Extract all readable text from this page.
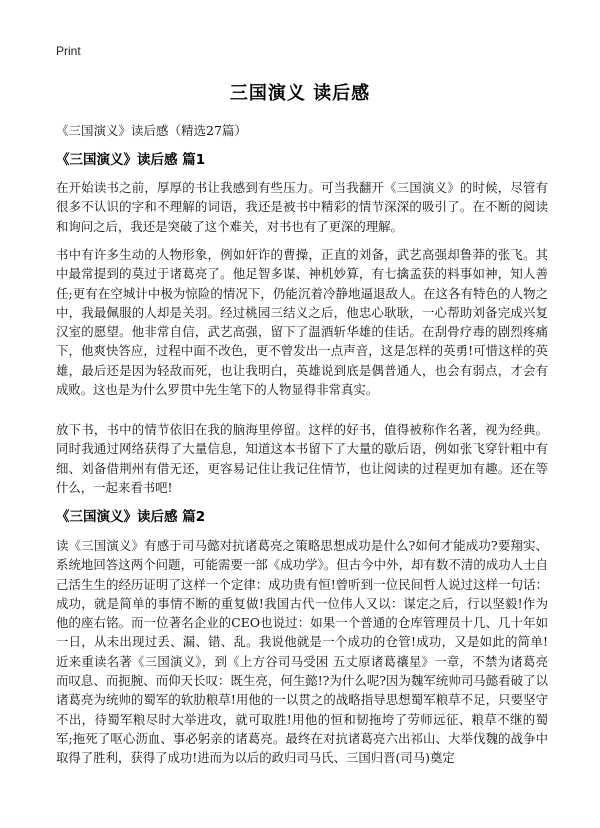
Print
三国演义 读后感
《三国演义》读后感（精选27篇）
《三国演义》读后感 篇1

在开始读书之前，厚厚的书让我感到有些压力。可当我翻开《三国演义》的时候，尽管有很多不认识的字和不理解的词语，我还是被书中精彩的情节深深的吸引了。在不断的阅读和询问之后，我还是突破了这个难关，对书也有了更深的理解。

书中有许多生动的人物形象，例如奸诈的曹操，正直的刘备，武艺高强却鲁莽的张飞。其中最常提到的莫过于诸葛亮了。他足智多谋、神机妙算，有七擒孟获的料事如神，知人善任;更有在空城计中极为惊险的情况下，仍能沉着冷静地逼退敌人。在这各有特色的人物之中，我最佩服的人却是关羽。经过桃园三结义之后，他忠心耿耿，一心帮助刘备完成兴复汉室的愿望。他非常自信，武艺高强，留下了温酒斩华雄的佳话。在刮骨疗毒的剧烈疼痛下，他爽快答应，过程中面不改色，更不曾发出一点声音，这是怎样的英勇!可惜这样的英雄，最后还是因为轻敌而死，也让我明白，英雄说到底是偶普通人，也会有弱点，才会有成败。这也是为什么罗贯中先生笔下的人物显得非常真实。

放下书，书中的情节依旧在我的脑海里停留。这样的好书，值得被称作名著，视为经典。同时我通过网络获得了大量信息，知道这本书留下了大量的歇后语，例如张飞穿针粗中有细、刘备借荆州有借无还，更容易记住让我记住情节，也让阅读的过程更加有趣。还在等什么，一起来看书吧!

《三国演义》读后感 篇2

读《三国演义》有感于司马懿对抗诸葛亮之策略思想成功是什么?如何才能成功?要翔实、系统地回答这两个问题，可能需要一部《成功学》。但古今中外，却有数不清的成功人士自己活生生的经历证明了这样一个定律：成功贵有恒!曾听到一位民间哲人说过这样一句话：成功，就是简单的事情不断的重复做!我国古代一位伟人又以：谋定之后，行以坚毅!作为他的座右铭。而一位著名企业的CEO也说过：如果一个普通的仓库管理员十几、几十年如一日，从未出现过丢、漏、错、乱。我说他就是一个成功的仓管!成功，又是如此的简单!近来重读名著《三国演义》，到《上方谷司马受困 五丈原诸葛禳星》一章，不禁为诸葛亮而叹息、而扼腕、而仰天长叹：既生亮，何生懿!?为什么呢?因为魏军统帅司马懿看破了以诸葛亮为统帅的蜀军的软肋粮草!用他的一以贯之的战略指导思想蜀军粮草不足，只要坚守不出，待蜀军粮尽时大举进攻，就可取胜!用他的恒和韧拖垮了劳师远征、粮草不继的蜀军;拖死了呕心沥血、事必躬亲的诸葛亮。最终在对抗诸葛亮六出祁山、大举伐魏的战争中取得了胜利，获得了成功!进而为以后的政归司马氏、三国归晋(司马)奠定
